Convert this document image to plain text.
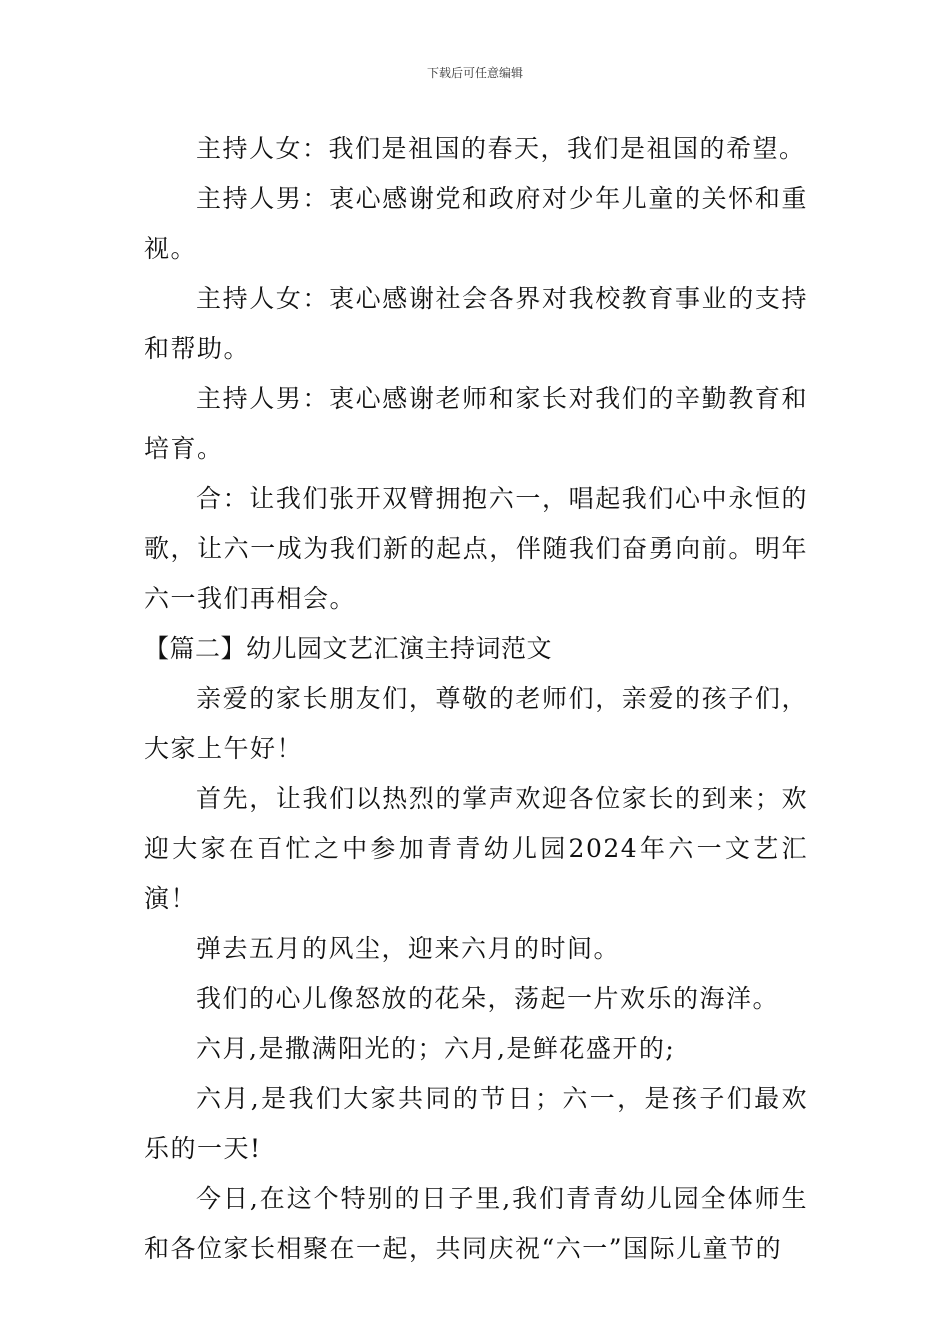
下载后可任意编辑

主持人女：我们是祖国的春天，我们是祖国的希望。

主持人男：衷心感谢党和政府对少年儿童的关怀和重视。

主持人女：衷心感谢社会各界对我校教育事业的支持和帮助。

主持人男：衷心感谢老师和家长对我们的辛勤教育和培育。

合：让我们张开双臂拥抱六一，唱起我们心中永恒的歌，让六一成为我们新的起点，伴随我们奋勇向前。明年六一我们再相会。

【篇二】幼儿园文艺汇演主持词范文

亲爱的家长朋友们，尊敬的老师们，亲爱的孩子们，大家上午好！

首先，让我们以热烈的掌声欢迎各位家长的到来；欢迎大家在百忙之中参加青青幼儿园2024年六一文艺汇演！

弹去五月的风尘，迎来六月的时间。

我们的心儿像怒放的花朵，荡起一片欢乐的海洋。

六月,是撒满阳光的；六月,是鲜花盛开的;

六月,是我们大家共同的节日；六一，是孩子们最欢乐的一天!

今日,在这个特别的日子里,我们青青幼儿园全体师生和各位家长相聚在一起，共同庆祝“六一”国际儿童节的
